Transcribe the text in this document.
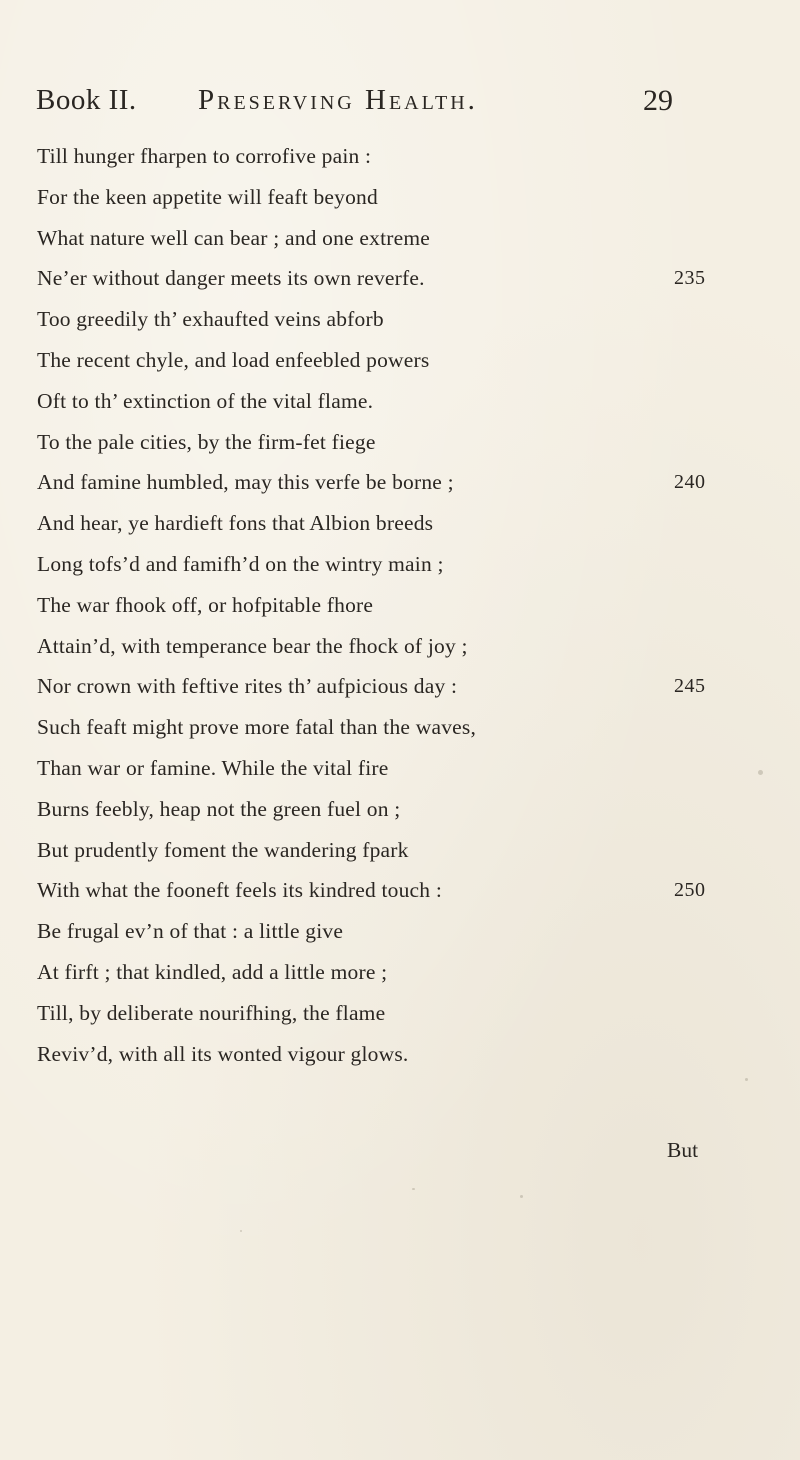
Book II. Preserving Health.	29
Till hunger fharpen to corrofive pain :
For the keen appetite will feaft beyond
What nature well can bear ; and one extreme
Ne’er without danger meets its own reverfe.	235
Too greedily th’ exhaufted veins abforb
The recent chyle, and load enfeebled powers
Oft to th’ extinction of the vital flame.
To the pale cities, by the firm-fet fiege
And famine humbled, may this verfe be borne ;	240
And hear, ye hardieft fons that Albion breeds
Long tofs’d and famifh’d on the wintry main ;
The war fhook off, or hofpitable fhore
Attain’d, with temperance bear the fhock of joy ;
Nor crown with feftive rites th’ aufpicious day :	245
Such feaft might prove more fatal than the waves,
Than war or famine. While the vital fire
Burns feebly, heap not the green fuel on ;
But prudently foment the wandering fpark
With what the fooneft feels its kindred touch :	250
Be frugal ev’n of that : a little give
At firft ; that kindled, add a little more ;
Till, by deliberate nourifhing, the flame
Reviv’d, with all its wonted vigour glows.
But
